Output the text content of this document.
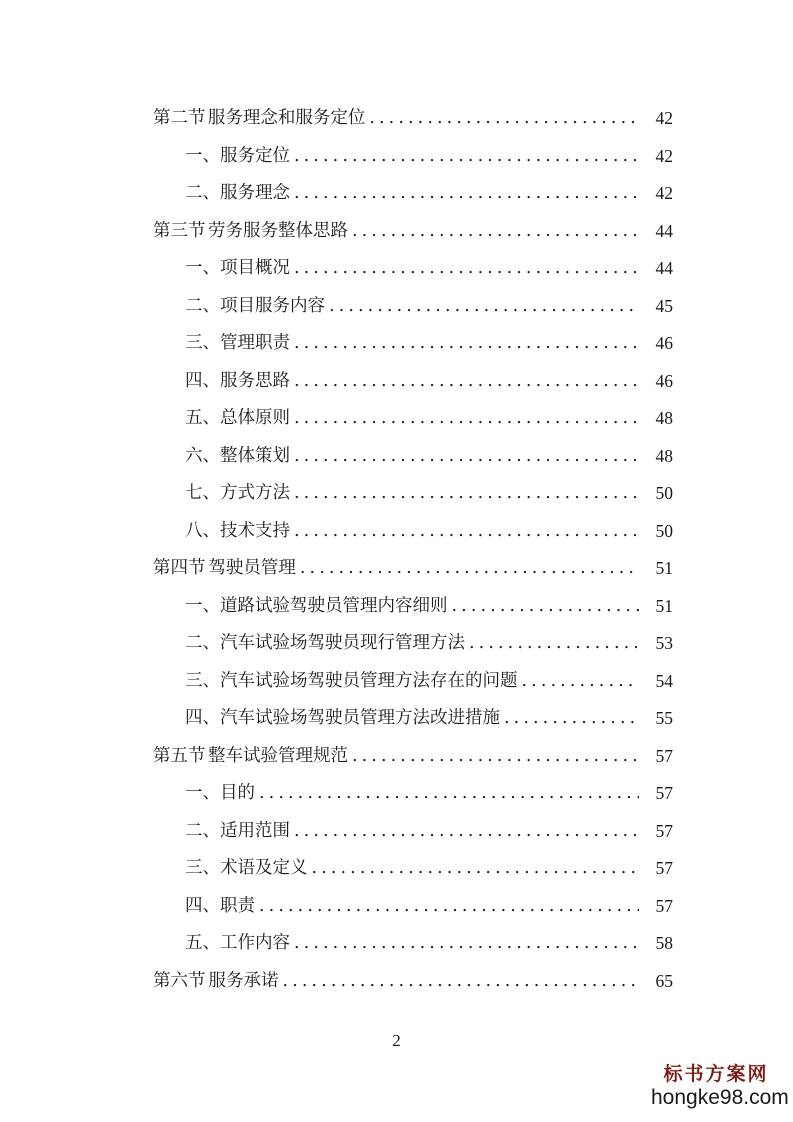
第二节 服务理念和服务定位 .....	42
一、 服务定位 .....	42
二、 服务理念 .....	42
第三节 劳务服务整体思路 .....	44
一、 项目概况 .....	44
二、 项目服务内容 .....	45
三、 管理职责 .....	46
四、 服务思路 .....	46
五、 总体原则 .....	48
六、 整体策划 .....	48
七、 方式方法 .....	50
八、 技术支持 .....	50
第四节 驾驶员管理 .....	51
一、 道路试验驾驶员管理内容细则 .....	51
二、 汽车试验场驾驶员现行管理方法 .....	53
三、 汽车试验场驾驶员管理方法存在的问题 .....	54
四、 汽车试验场驾驶员管理方法改进措施 .....	55
第五节 整车试验管理规范 .....	57
一、 目的 .....	57
二、 适用范围 .....	57
三、 术语及定义 .....	57
四、 职责 .....	57
五、 工作内容 .....	58
第六节 服务承诺 .....	65
2
标书方案网
hongke98.com
